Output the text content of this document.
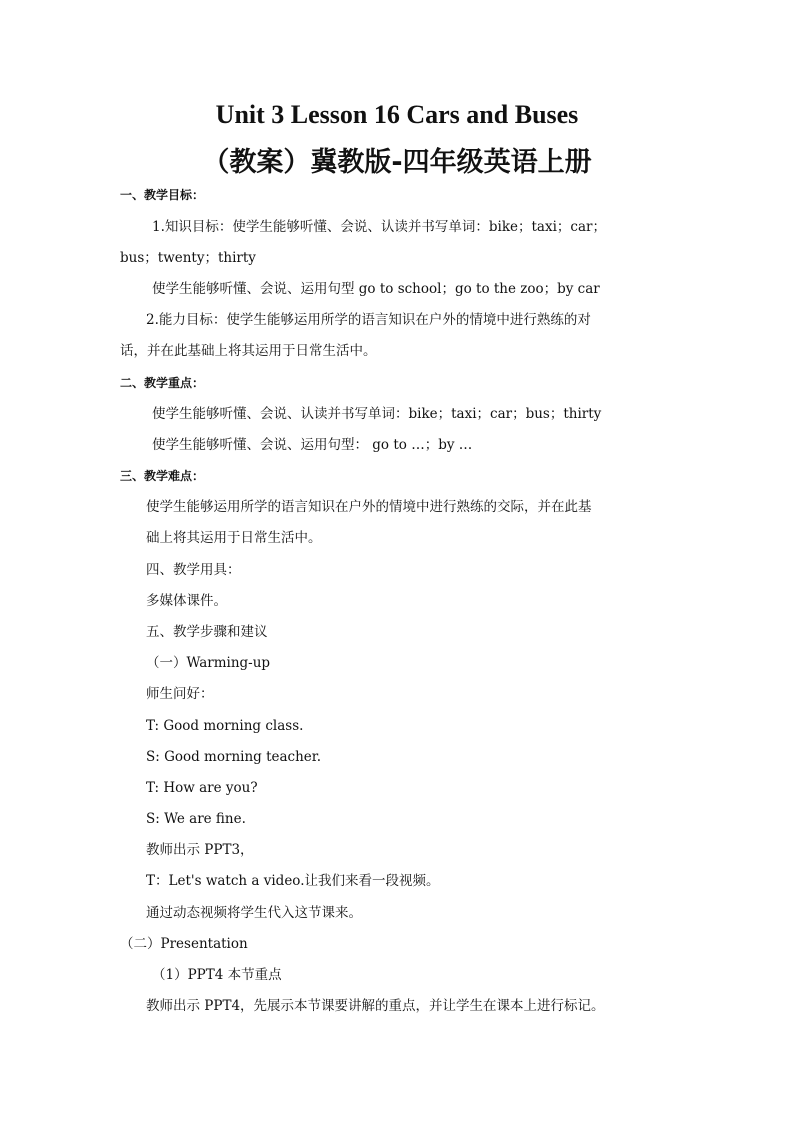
Unit 3 Lesson 16 Cars and Buses
（教案）冀教版-四年级英语上册
一、教学目标：
1.知识目标：使学生能够听懂、会说、认读并书写单词：bike；taxi；car；
bus；twenty；thirty
使学生能够听懂、会说、运用句型 go to school；go to the zoo；by car
2.能力目标：使学生能够运用所学的语言知识在户外的情境中进行熟练的对
话，并在此基础上将其运用于日常生活中。
二、教学重点：
使学生能够听懂、会说、认读并书写单词：bike；taxi；car；bus；thirty
使学生能够听懂、会说、运用句型： go to …；by …
三、教学难点：
使学生能够运用所学的语言知识在户外的情境中进行熟练的交际，并在此基
础上将其运用于日常生活中。
四、教学用具：
多媒体课件。
五、教学步骤和建议
（一）Warming-up
师生问好：
T: Good morning class.
S: Good morning teacher.
T: How are you?
S: We are fine.
教师出示 PPT3，
T：Let's watch a video.让我们来看一段视频。
通过动态视频将学生代入这节课来。
（二）Presentation
（1）PPT4 本节重点
教师出示 PPT4，先展示本节课要讲解的重点，并让学生在课本上进行标记。
